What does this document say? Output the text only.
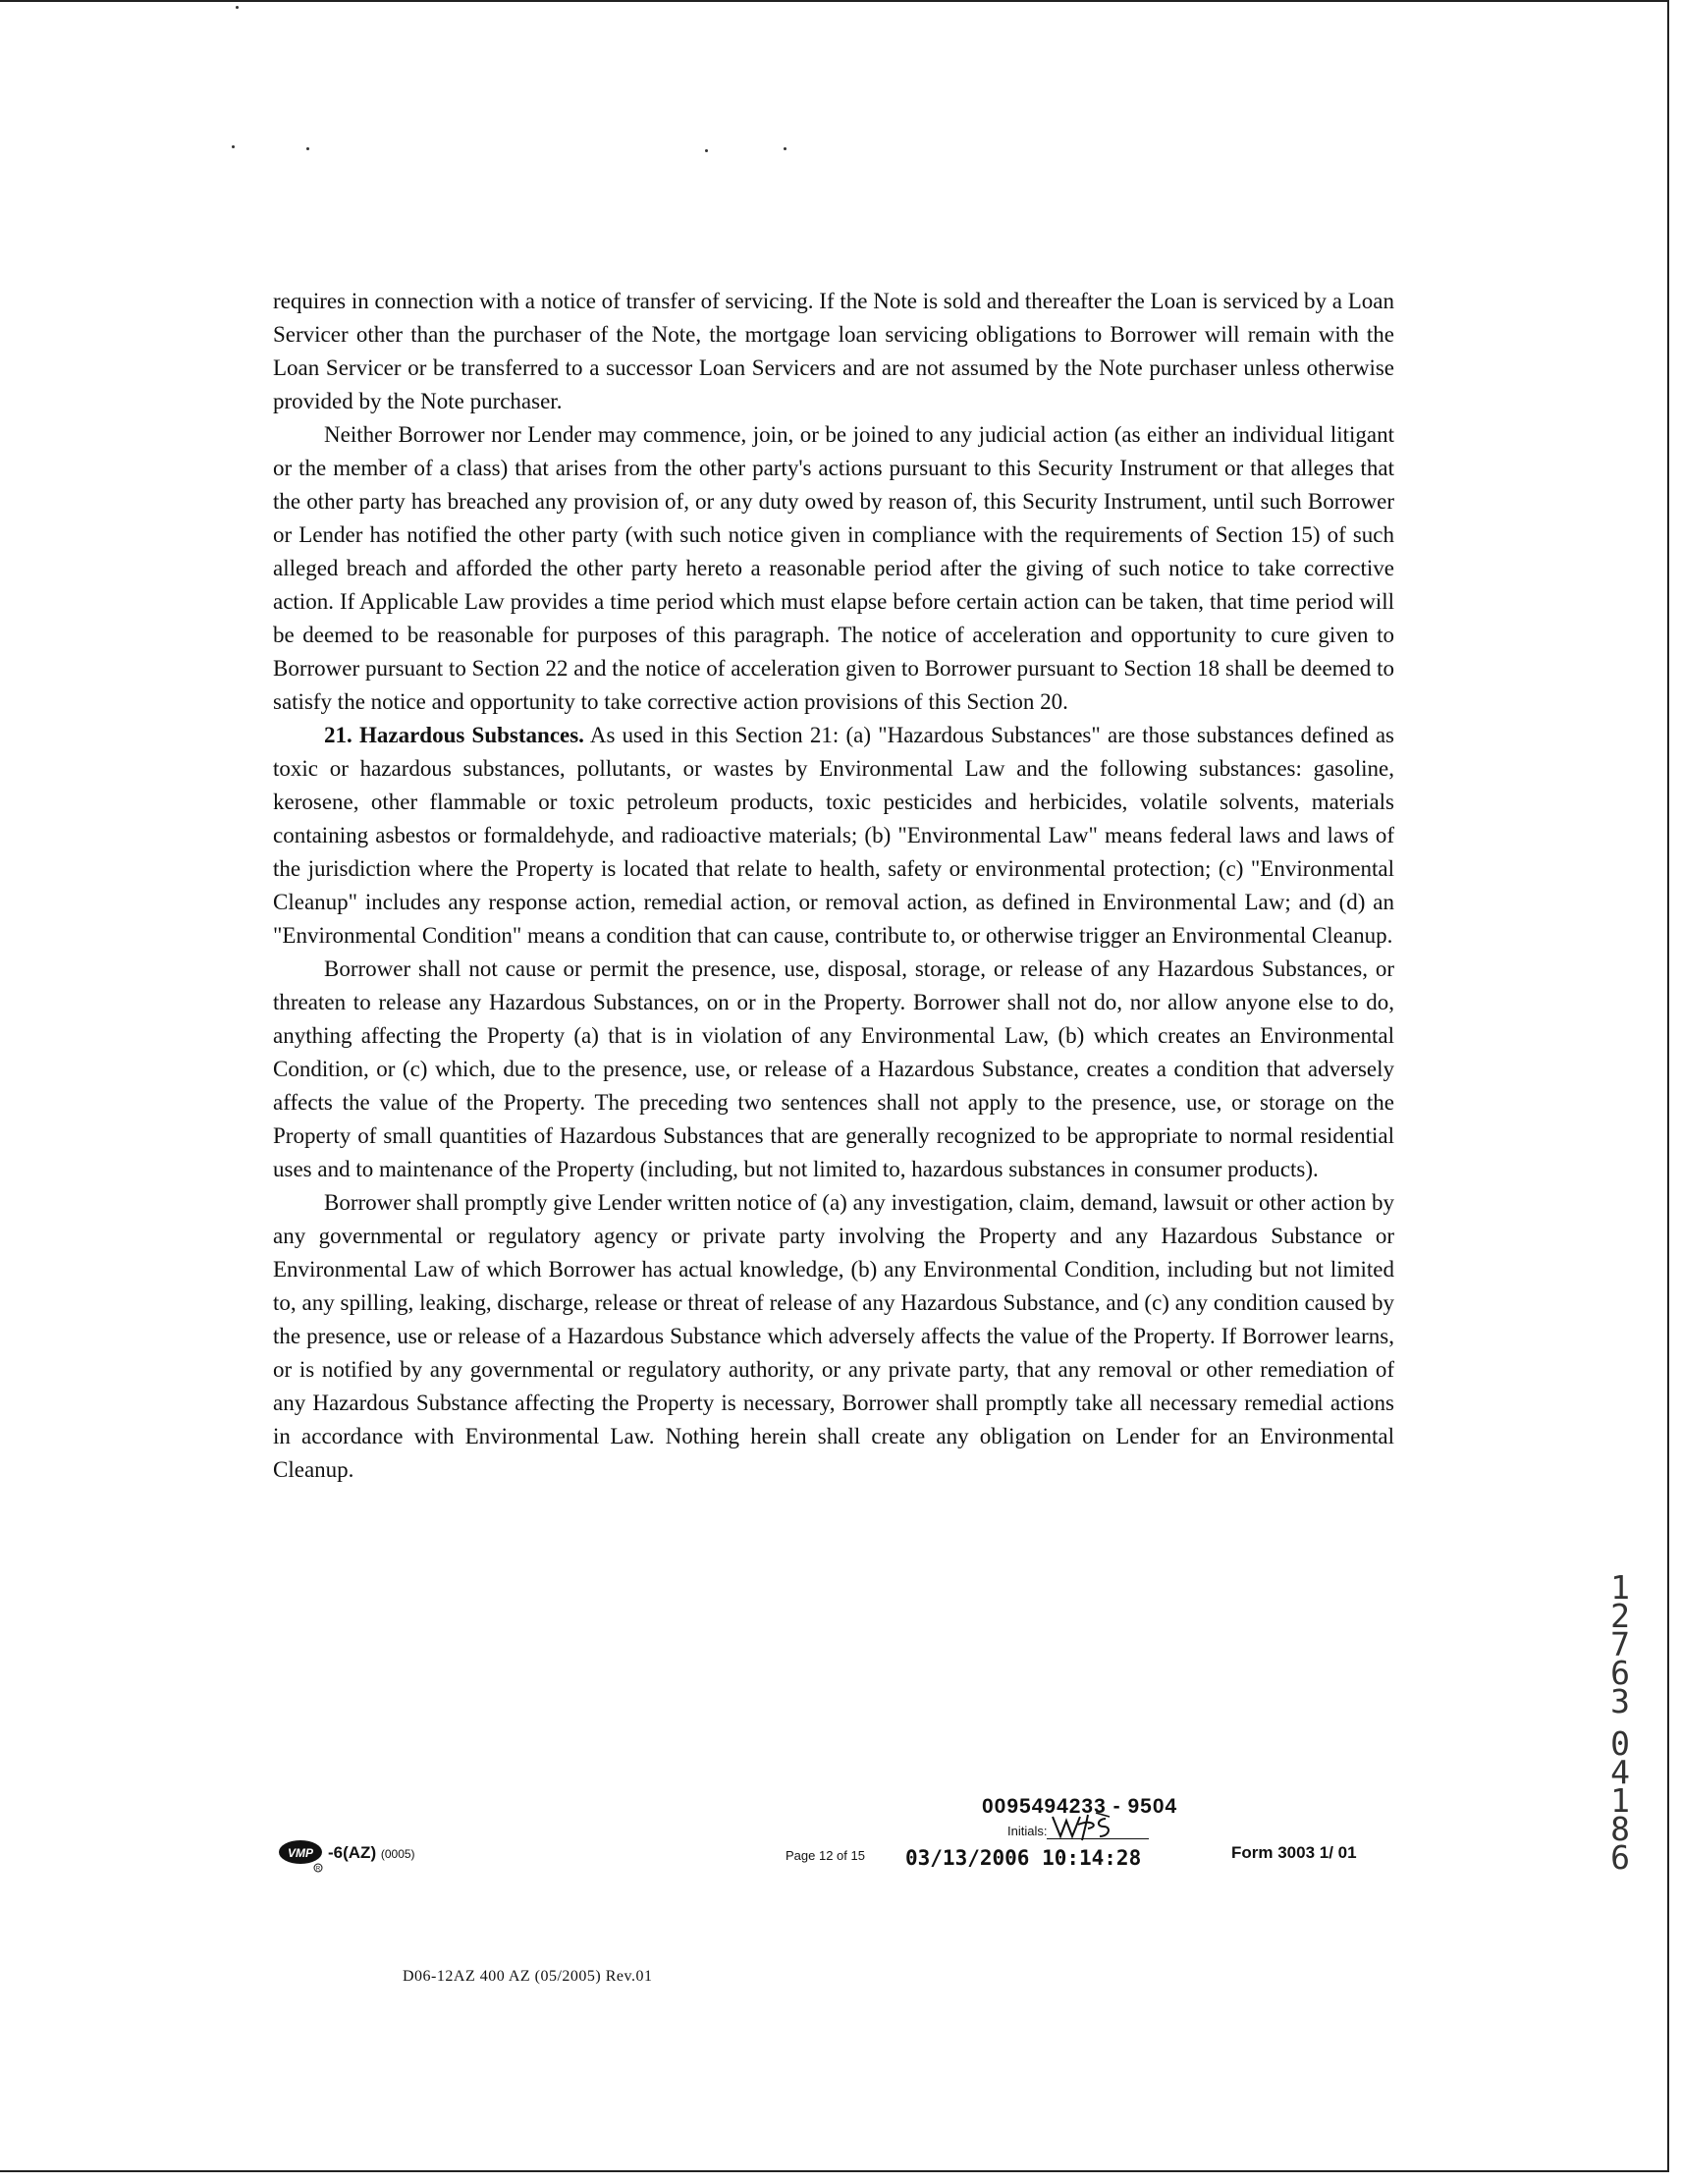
requires in connection with a notice of transfer of servicing. If the Note is sold and thereafter the Loan is serviced by a Loan Servicer other than the purchaser of the Note, the mortgage loan servicing obligations to Borrower will remain with the Loan Servicer or be transferred to a successor Loan Servicers and are not assumed by the Note purchaser unless otherwise provided by the Note purchaser.

Neither Borrower nor Lender may commence, join, or be joined to any judicial action (as either an individual litigant or the member of a class) that arises from the other party's actions pursuant to this Security Instrument or that alleges that the other party has breached any provision of, or any duty owed by reason of, this Security Instrument, until such Borrower or Lender has notified the other party (with such notice given in compliance with the requirements of Section 15) of such alleged breach and afforded the other party hereto a reasonable period after the giving of such notice to take corrective action. If Applicable Law provides a time period which must elapse before certain action can be taken, that time period will be deemed to be reasonable for purposes of this paragraph. The notice of acceleration and opportunity to cure given to Borrower pursuant to Section 22 and the notice of acceleration given to Borrower pursuant to Section 18 shall be deemed to satisfy the notice and opportunity to take corrective action provisions of this Section 20.

21. Hazardous Substances. As used in this Section 21: (a) "Hazardous Substances" are those substances defined as toxic or hazardous substances, pollutants, or wastes by Environmental Law and the following substances: gasoline, kerosene, other flammable or toxic petroleum products, toxic pesticides and herbicides, volatile solvents, materials containing asbestos or formaldehyde, and radioactive materials; (b) "Environmental Law" means federal laws and laws of the jurisdiction where the Property is located that relate to health, safety or environmental protection; (c) "Environmental Cleanup" includes any response action, remedial action, or removal action, as defined in Environmental Law; and (d) an "Environmental Condition" means a condition that can cause, contribute to, or otherwise trigger an Environmental Cleanup.

Borrower shall not cause or permit the presence, use, disposal, storage, or release of any Hazardous Substances, or threaten to release any Hazardous Substances, on or in the Property. Borrower shall not do, nor allow anyone else to do, anything affecting the Property (a) that is in violation of any Environmental Law, (b) which creates an Environmental Condition, or (c) which, due to the presence, use, or release of a Hazardous Substance, creates a condition that adversely affects the value of the Property. The preceding two sentences shall not apply to the presence, use, or storage on the Property of small quantities of Hazardous Substances that are generally recognized to be appropriate to normal residential uses and to maintenance of the Property (including, but not limited to, hazardous substances in consumer products).

Borrower shall promptly give Lender written notice of (a) any investigation, claim, demand, lawsuit or other action by any governmental or regulatory agency or private party involving the Property and any Hazardous Substance or Environmental Law of which Borrower has actual knowledge, (b) any Environmental Condition, including but not limited to, any spilling, leaking, discharge, release or threat of release of any Hazardous Substance, and (c) any condition caused by the presence, use or release of a Hazardous Substance which adversely affects the value of the Property. If Borrower learns, or is notified by any governmental or regulatory authority, or any private party, that any removal or other remediation of any Hazardous Substance affecting the Property is necessary, Borrower shall promptly take all necessary remedial actions in accordance with Environmental Law. Nothing herein shall create any obligation on Lender for an Environmental Cleanup.

1
2
7
6
3
0
4
1
8
6
0095494233 - 9504
Initials:
VMP
R
-6(AZ) (0005)	Page 12 of 15 03/13/2006 10:14:28	Form 3003 1/ 01
D06-12AZ 400 AZ (05/2005) Rev.01
